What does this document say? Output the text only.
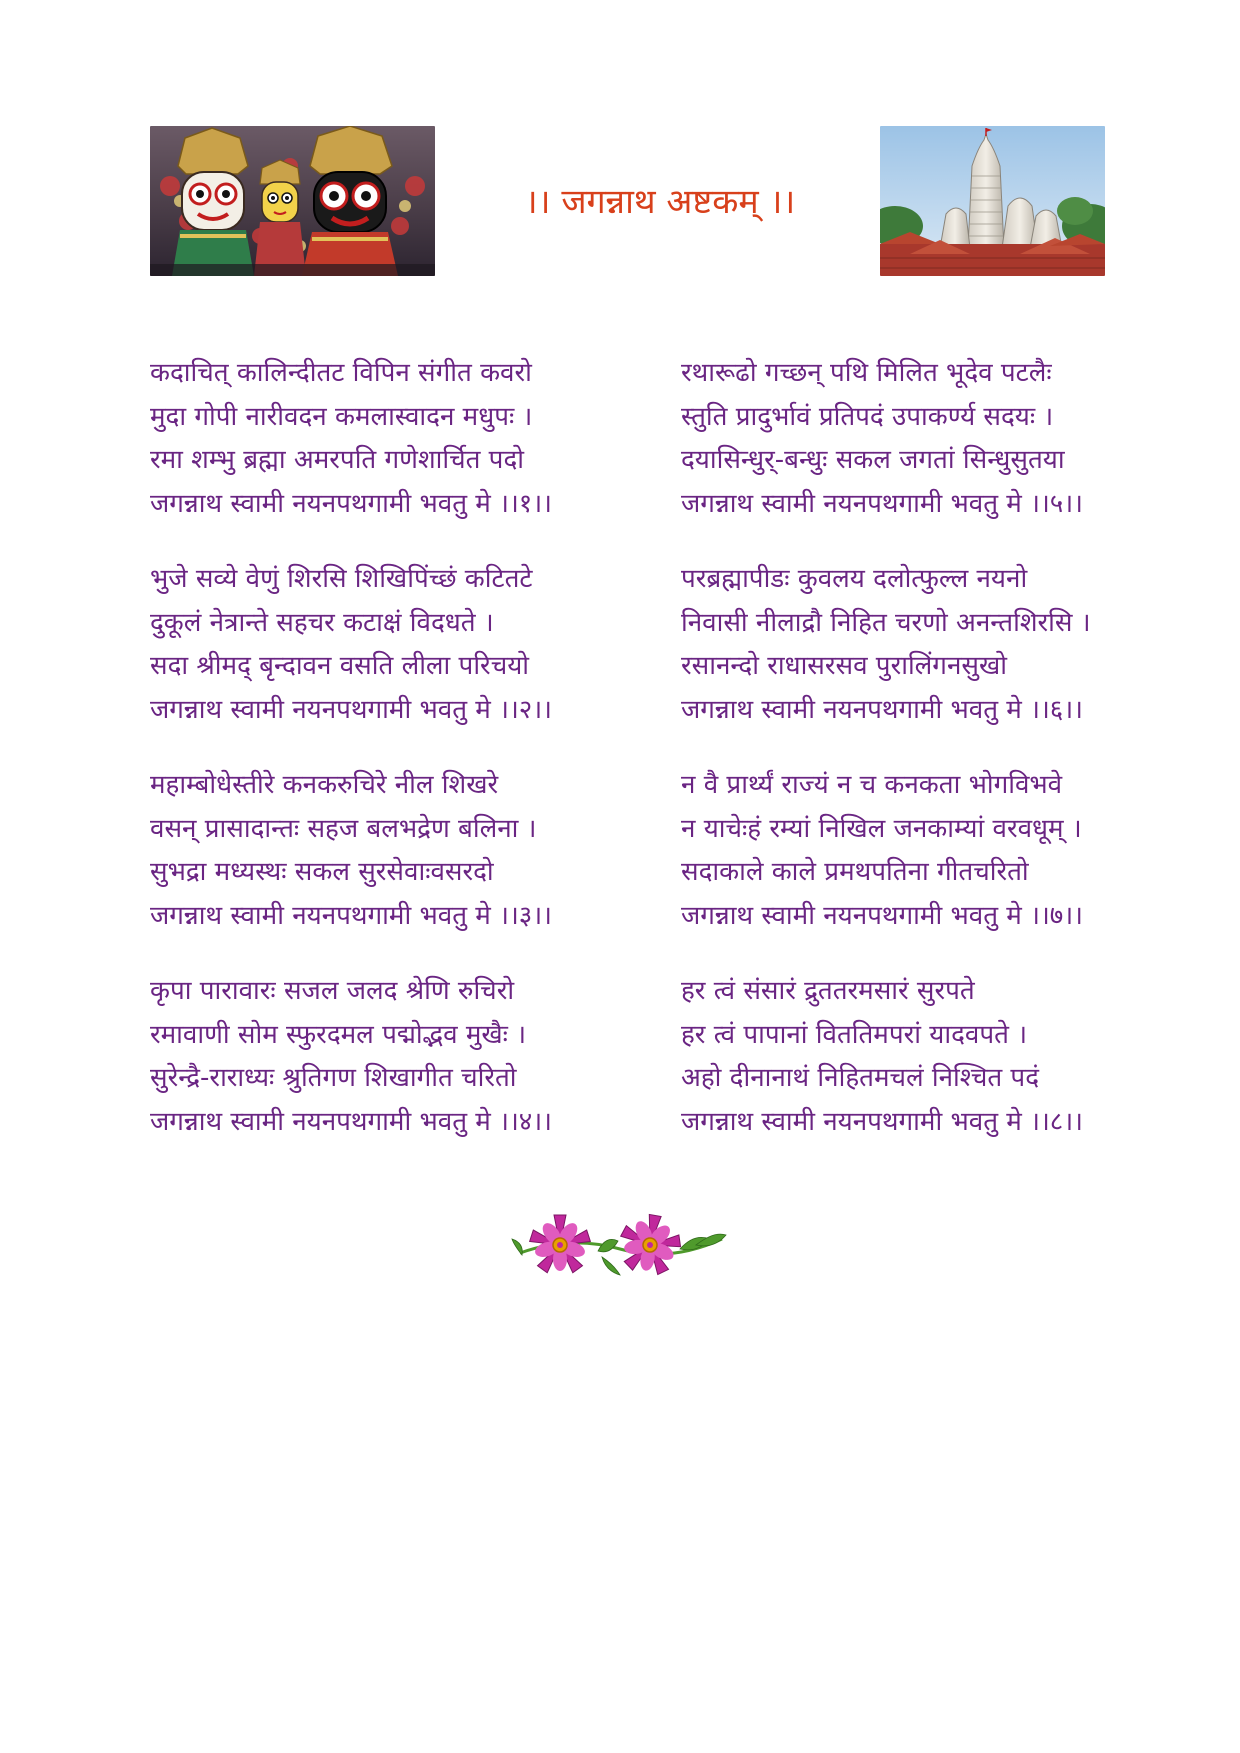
।। जगन्नाथ अष्टकम् ।।
कदाचित् कालिन्दीतट विपिन संगीत कवरो
मुदा गोपी नारीवदन कमलास्वादन मधुपः ।
रमा शम्भु ब्रह्मा अमरपति गणेशार्चित पदो
जगन्नाथ स्वामी नयनपथगामी भवतु मे ।।१।।
भुजे सव्ये वेणुं शिरसि शिखिपिंच्छं कटितटे
दुकूलं नेत्रान्ते सहचर कटाक्षं विदधते ।
सदा श्रीमद् बृन्दावन वसति लीला परिचयो
जगन्नाथ स्वामी नयनपथगामी भवतु मे ।।२।।
महाम्बोधेस्तीरे कनकरुचिरे नील शिखरे
वसन् प्रासादान्तः सहज बलभद्रेण बलिना ।
सुभद्रा मध्यस्थः सकल सुरसेवाःवसरदो
जगन्नाथ स्वामी नयनपथगामी भवतु मे ।।३।।
कृपा पारावारः सजल जलद श्रेणि रुचिरो
रमावाणी सोम स्फुरदमल पद्मोद्भव मुखैः ।
सुरेन्द्रै-राराध्यः श्रुतिगण शिखागीत चरितो
जगन्नाथ स्वामी नयनपथगामी भवतु मे ।।४।।
रथारूढो गच्छन् पथि मिलित भूदेव पटलैः
स्तुति प्रादुर्भावं प्रतिपदं उपाकर्ण्य सदयः ।
दयासिन्धुर्-बन्धुः सकल जगतां सिन्धुसुतया
जगन्नाथ स्वामी नयनपथगामी भवतु मे ।।५।।
परब्रह्मापीडः कुवलय दलोत्फुल्ल नयनो
निवासी नीलाद्रौ निहित चरणो अनन्तशिरसि ।
रसानन्दो राधासरसव पुरालिंगनसुखो
जगन्नाथ स्वामी नयनपथगामी भवतु मे ।।६।।
न वै प्रार्थ्यं राज्यं न च कनकता भोगविभवे
न याचेःहं रम्यां निखिल जनकाम्यां वरवधूम् ।
सदाकाले काले प्रमथपतिना गीतचरितो
जगन्नाथ स्वामी नयनपथगामी भवतु मे ।।७।।
हर त्वं संसारं द्रुततरमसारं सुरपते
हर त्वं पापानां विततिमपरां यादवपते ।
अहो दीनानाथं निहितमचलं निश्चित पदं
जगन्नाथ स्वामी नयनपथगामी भवतु मे ।।८।।
